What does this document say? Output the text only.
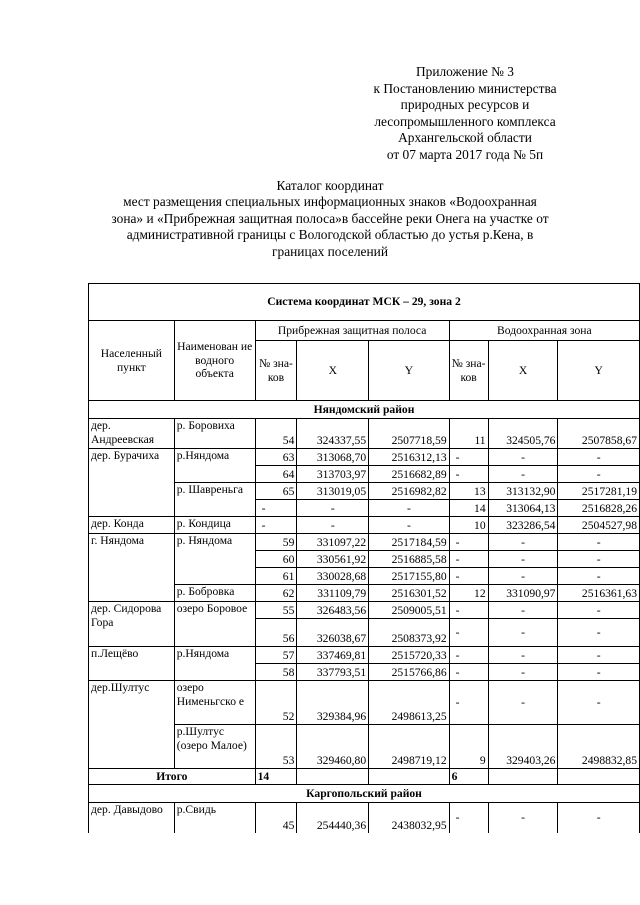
Приложение № 3
к Постановлению министерства
природных ресурсов и
лесопромышленного комплекса
Архангельской области
от 07 марта 2017 года № 5п
Каталог координат
мест размещения специальных информационных знаков «Водоохранная
зона» и «Прибрежная защитная полоса»в бассейне реки Онега на участке от
административной границы с Вологодской областью до устья р.Кена, в
границах поселений
Система координат МСК – 29, зона 2							
Населенный пункт	Наименован ие водного объекта	Прибрежная защитная полоса			Водоохранная зона		
		№ зна-ков	X	Y	№ зна-ков	X	Y
Няндомский район							
дер. Андреевская	р. Боровиха	54	324337,55	2507718,59	11	324505,76	2507858,67
дер. Бурачиха	р.Няндома	63	313068,70	2516312,13	-	-	-
		64	313703,97	2516682,89	-	-	-
	р. Шавреньга	65	313019,05	2516982,82	13	313132,90	2517281,19
		-	-	-	14	313064,13	2516828,26
дер. Конда	р. Кондица	-	-	-	10	323286,54	2504527,98
г. Няндома	р. Няндома	59	331097,22	2517184,59	-	-	-
		60	330561,92	2516885,58	-	-	-
		61	330028,68	2517155,80	-	-	-
	р. Бобровка	62	331109,79	2516301,52	12	331090,97	2516361,63
дер. Сидорова Гора	озеро Боровое	55	326483,56	2509005,51	-	-	-
		56	326038,67	2508373,92	-	-	-
п.Лещёво	р.Няндома	57	337469,81	2515720,33	-	-	-
		58	337793,51	2515766,86	-	-	-
дер.Шултус	озеро Нименьгско е	52	329384,96	2498613,25	-	-	-
	р.Шултус (озеро Малое)	53	329460,80	2498719,12	9	329403,26	2498832,85
Итого		14			6		
Каргопольский район							
дер. Давыдово	р.Свидь	45	254440,36	2438032,95	-	-	-
